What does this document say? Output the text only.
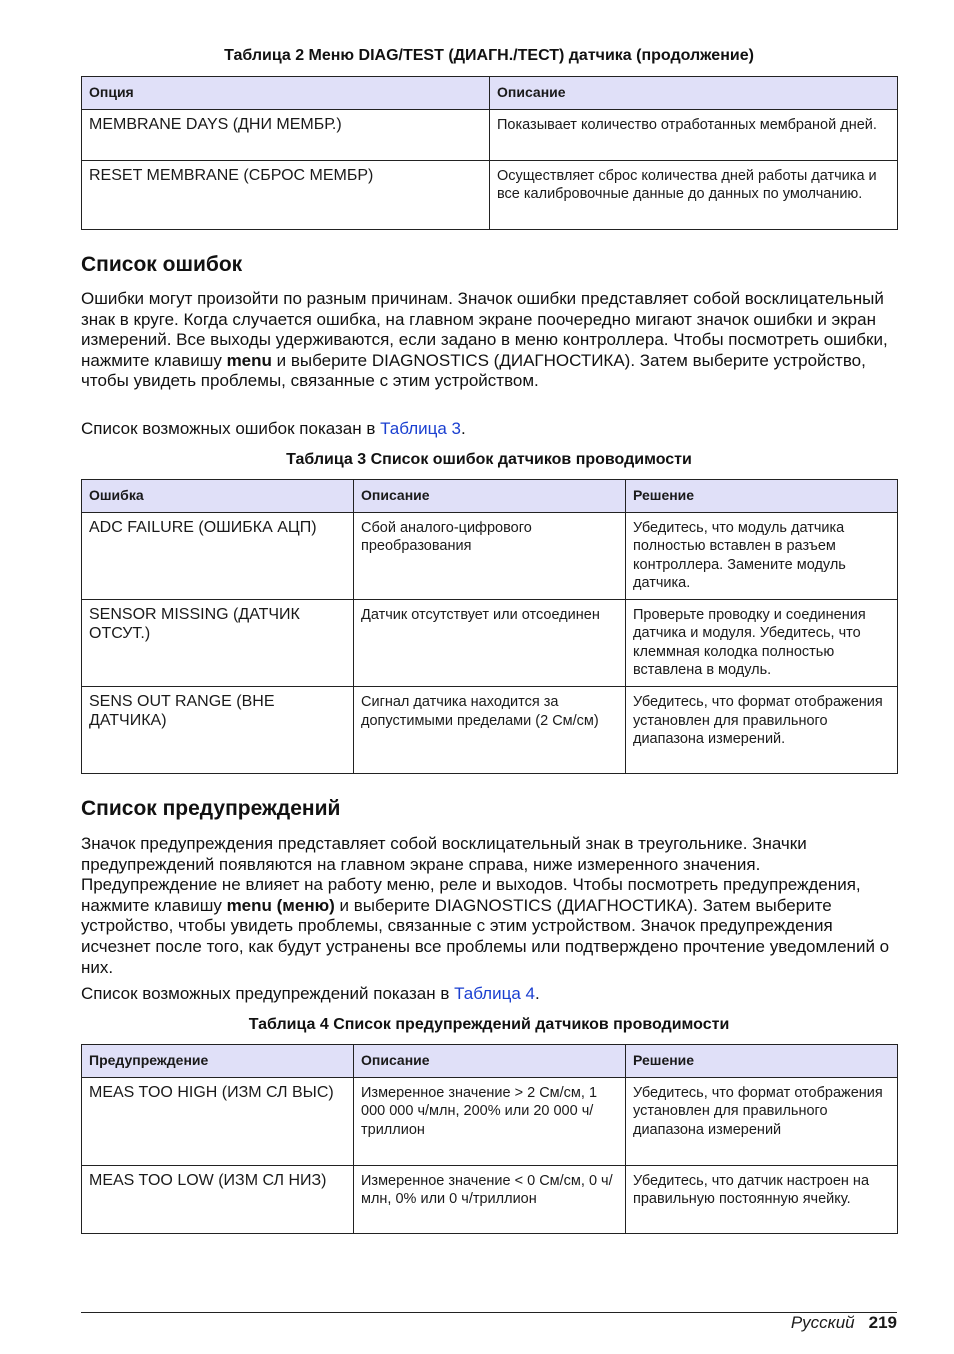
Таблица 2 Меню DIAG/TEST (ДИАГН./ТЕСТ) датчика (продолжение)
Опция	Описание
MEMBRANE DAYS (ДНИ МЕМБР.)	Показывает количество отработанных мембраной дней.
RESET MEMBRANE (СБРОС МЕМБР)	Осуществляет сброс количества дней работы датчика и все калибровочные данные до данных по умолчанию.
Список ошибок
Ошибки могут произойти по разным причинам. Значок ошибки представляет собой восклицательный знак в круге. Когда случается ошибка, на главном экране поочередно мигают значок ошибки и экран измерений. Все выходы удерживаются, если задано в меню контроллера. Чтобы посмотреть ошибки, нажмите клавишу menu и выберите DIAGNOSTICS (ДИАГНОСТИКА). Затем выберите устройство, чтобы увидеть проблемы, связанные с этим устройством.
Список возможных ошибок показан в Таблица 3.
Таблица 3 Список ошибок датчиков проводимости
Ошибка	Описание	Решение
ADC FAILURE (ОШИБКА АЦП)	Сбой аналого-цифрового преобразования	Убедитесь, что модуль датчика полностью вставлен в разъем контроллера. Замените модуль датчика.
SENSOR MISSING (ДАТЧИК ОТСУТ.)	Датчик отсутствует или отсоединен	Проверьте проводку и соединения датчика и модуля. Убедитесь, что клеммная колодка полностью вставлена в модуль.
SENS OUT RANGE (ВНЕ ДАТЧИКА)	Сигнал датчика находится за допустимыми пределами (2 См/см)	Убедитесь, что формат отображения установлен для правильного диапазона измерений.
Список предупреждений
Значок предупреждения представляет собой восклицательный знак в треугольнике. Значки предупреждений появляются на главном экране справа, ниже измеренного значения. Предупреждение не влияет на работу меню, реле и выходов. Чтобы посмотреть предупреждения, нажмите клавишу menu (меню) и выберите DIAGNOSTICS (ДИАГНОСТИКА). Затем выберите устройство, чтобы увидеть проблемы, связанные с этим устройством. Значок предупреждения исчезнет после того, как будут устранены все проблемы или подтверждено прочтение уведомлений о них.
Список возможных предупреждений показан в Таблица 4.
Таблица 4 Список предупреждений датчиков проводимости
Предупреждение	Описание	Решение
MEAS TOO HIGH (ИЗМ СЛ ВЫС)	Измеренное значение > 2 См/см, 1 000 000 ч/млн, 200% или 20 000 ч/триллион	Убедитесь, что формат отображения установлен для правильного диапазона измерений
MEAS TOO LOW (ИЗМ СЛ НИЗ)	Измеренное значение < 0 См/см, 0 ч/млн, 0% или 0 ч/триллион	Убедитесь, что датчик настроен на правильную постоянную ячейку.
Русский 219
